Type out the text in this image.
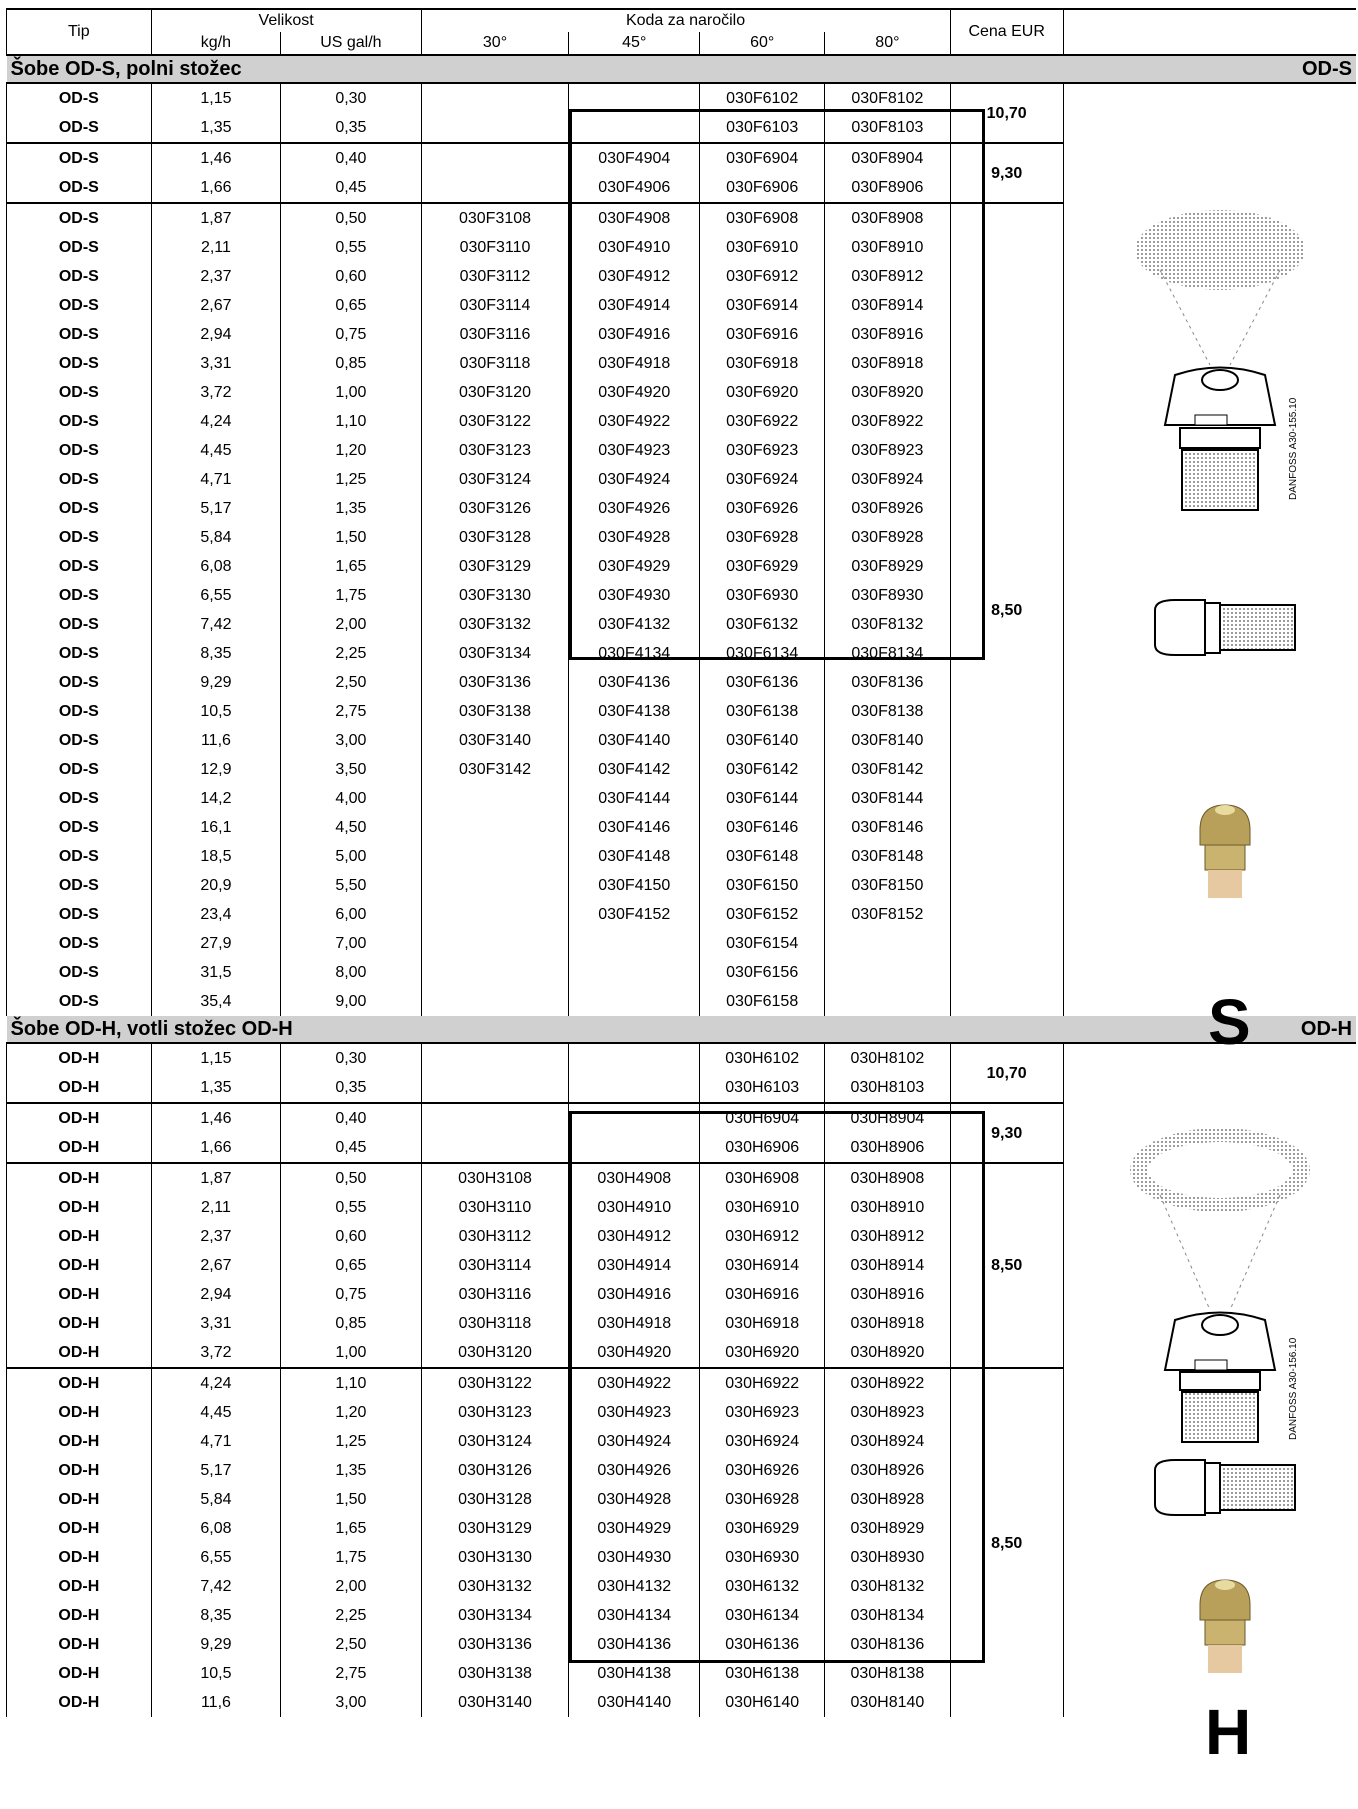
Tip	Velikost		Koda za naročilo				Cena EUR	
	kg/h	US gal/h	30°	45°	60°	80°		
Šobe OD-S, polni stožec								OD-S
OD-S	1,15	0,30			030F6102	030F8102	10,70	
OD-S	1,35	0,35			030F6103	030F8103		
OD-S	1,46	0,40		030F4904	030F6904	030F8904	9,30	
OD-S	1,66	0,45		030F4906	030F6906	030F8906		
OD-S	1,87	0,50	030F3108	030F4908	030F6908	030F8908	8,50	
OD-S	2,11	0,55	030F3110	030F4910	030F6910	030F8910		
OD-S	2,37	0,60	030F3112	030F4912	030F6912	030F8912		
OD-S	2,67	0,65	030F3114	030F4914	030F6914	030F8914		
OD-S	2,94	0,75	030F3116	030F4916	030F6916	030F8916		
OD-S	3,31	0,85	030F3118	030F4918	030F6918	030F8918		
OD-S	3,72	1,00	030F3120	030F4920	030F6920	030F8920		
OD-S	4,24	1,10	030F3122	030F4922	030F6922	030F8922		
OD-S	4,45	1,20	030F3123	030F4923	030F6923	030F8923		
OD-S	4,71	1,25	030F3124	030F4924	030F6924	030F8924		
OD-S	5,17	1,35	030F3126	030F4926	030F6926	030F8926		
OD-S	5,84	1,50	030F3128	030F4928	030F6928	030F8928		
OD-S	6,08	1,65	030F3129	030F4929	030F6929	030F8929		
OD-S	6,55	1,75	030F3130	030F4930	030F6930	030F8930		
OD-S	7,42	2,00	030F3132	030F4132	030F6132	030F8132		
OD-S	8,35	2,25	030F3134	030F4134	030F6134	030F8134		
OD-S	9,29	2,50	030F3136	030F4136	030F6136	030F8136		
OD-S	10,5	2,75	030F3138	030F4138	030F6138	030F8138		
OD-S	11,6	3,00	030F3140	030F4140	030F6140	030F8140		
OD-S	12,9	3,50	030F3142	030F4142	030F6142	030F8142		
OD-S	14,2	4,00		030F4144	030F6144	030F8144		
OD-S	16,1	4,50		030F4146	030F6146	030F8146		
OD-S	18,5	5,00		030F4148	030F6148	030F8148		
OD-S	20,9	5,50		030F4150	030F6150	030F8150		
OD-S	23,4	6,00		030F4152	030F6152	030F8152		
OD-S	27,9	7,00			030F6154			
OD-S	31,5	8,00			030F6156			
OD-S	35,4	9,00			030F6158			
Šobe OD-H, votli stožec OD-H								OD-H
OD-H	1,15	0,30			030H6102	030H8102	10,70	
OD-H	1,35	0,35			030H6103	030H8103		
OD-H	1,46	0,40			030H6904	030H8904	9,30	
OD-H	1,66	0,45			030H6906	030H8906		
OD-H	1,87	0,50	030H3108	030H4908	030H6908	030H8908	8,50	
OD-H	2,11	0,55	030H3110	030H4910	030H6910	030H8910		
OD-H	2,37	0,60	030H3112	030H4912	030H6912	030H8912		
OD-H	2,67	0,65	030H3114	030H4914	030H6914	030H8914		
OD-H	2,94	0,75	030H3116	030H4916	030H6916	030H8916		
OD-H	3,31	0,85	030H3118	030H4918	030H6918	030H8918		
OD-H	3,72	1,00	030H3120	030H4920	030H6920	030H8920		
OD-H	4,24	1,10	030H3122	030H4922	030H6922	030H8922	8,50	
OD-H	4,45	1,20	030H3123	030H4923	030H6923	030H8923		
OD-H	4,71	1,25	030H3124	030H4924	030H6924	030H8924		
OD-H	5,17	1,35	030H3126	030H4926	030H6926	030H8926		
OD-H	5,84	1,50	030H3128	030H4928	030H6928	030H8928		
OD-H	6,08	1,65	030H3129	030H4929	030H6929	030H8929		
OD-H	6,55	1,75	030H3130	030H4930	030H6930	030H8930		
OD-H	7,42	2,00	030H3132	030H4132	030H6132	030H8132		
OD-H	8,35	2,25	030H3134	030H4134	030H6134	030H8134		
OD-H	9,29	2,50	030H3136	030H4136	030H6136	030H8136		
OD-H	10,5	2,75	030H3138	030H4138	030H6138	030H8138		
OD-H	11,6	3,00	030H3140	030H4140	030H6140	030H8140		
DANFOSS A30-155.10
S
DANFOSS A30-156.10
H
